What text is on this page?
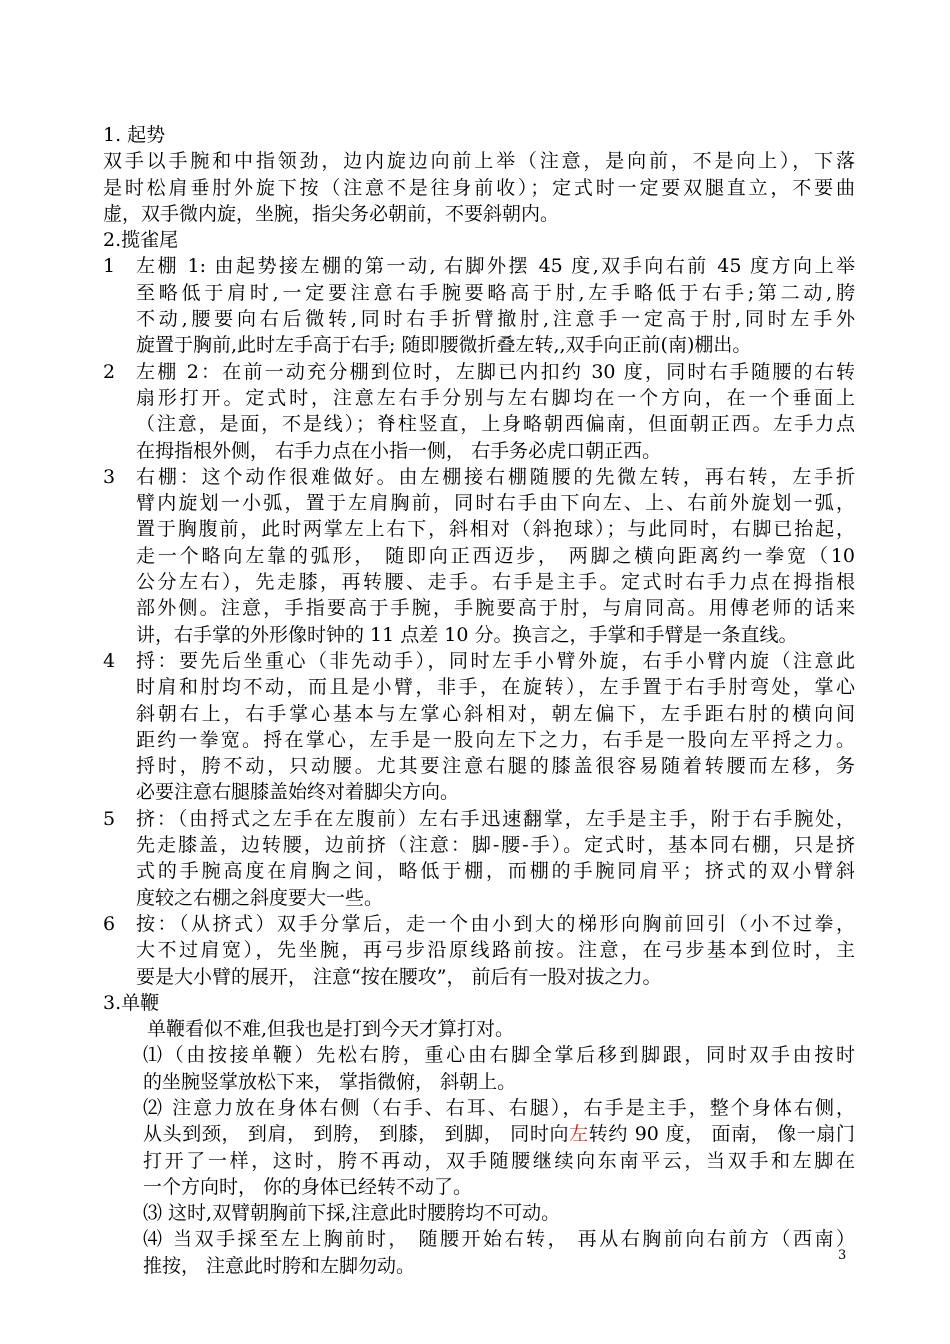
1. 起势

双手以手腕和中指领劲，边内旋边向前上举（注意，是向前，不是向上），下落

是时松肩垂肘外旋下按（注意不是往身前收）；定式时一定要双腿直立，不要曲

虚，双手微内旋，坐腕，指尖务必朝前，不要斜朝内。

2.揽雀尾

1 左棚 1: 由起势接左棚的第一动, 右脚外摆 45 度,双手向右前 45 度方向上举

至略低于肩时,一定要注意右手腕要略高于肘,左手略低于右手;第二动,胯

不动,腰要向右后微转,同时右手折臂撤肘,注意手一定高于肘,同时左手外

旋置于胸前,此时左手高于右手; 随即腰微折叠左转,,双手向正前(南)棚出。

2 左棚 2：在前一动充分棚到位时，左脚已内扣约 30 度，同时右手随腰的右转

扇形打开。定式时，注意左右手分别与左右脚均在一个方向，在一个垂面上

（注意，是面，不是线）；脊柱竖直，上身略朝西偏南，但面朝正西。左手力点

在拇指根外侧， 右手力点在小指一侧， 右手务必虎口朝正西。

3 右棚：这个动作很难做好。由左棚接右棚随腰的先微左转，再右转，左手折

臂内旋划一小弧，置于左肩胸前，同时右手由下向左、上、右前外旋划一弧，

置于胸腹前，此时两掌左上右下，斜相对（斜抱球）；与此同时，右脚已抬起，

走一个略向左靠的弧形， 随即向正西迈步， 两脚之横向距离约一拳宽（10

公分左右），先走膝，再转腰、走手。右手是主手。定式时右手力点在拇指根

部外侧。注意，手指要高于手腕，手腕要高于肘，与肩同高。用傅老师的话来

讲，右手掌的外形像时钟的 11 点差 10 分。换言之，手掌和手臂是一条直线。

4 捋：要先后坐重心（非先动手），同时左手小臂外旋，右手小臂内旋（注意此

时肩和肘均不动，而且是小臂，非手，在旋转），左手置于右手肘弯处，掌心

斜朝右上，右手掌心基本与左掌心斜相对，朝左偏下，左手距右肘的横向间

距约一拳宽。捋在掌心，左手是一股向左下之力，右手是一股向左平捋之力。

捋时，胯不动，只动腰。尤其要注意右腿的膝盖很容易随着转腰而左移，务

必要注意右腿膝盖始终对着脚尖方向。

5 挤：（由捋式之左手在左腹前）左右手迅速翻掌，左手是主手，附于右手腕处，

先走膝盖，边转腰，边前挤（注意：脚-腰-手）。定式时，基本同右棚，只是挤

式的手腕高度在肩胸之间，略低于棚，而棚的手腕同肩平；挤式的双小臂斜

度较之右棚之斜度要大一些。

6 按：（从挤式）双手分掌后，走一个由小到大的梯形向胸前回引（小不过拳，

大不过肩宽），先坐腕，再弓步沿原线路前按。注意，在弓步基本到位时，主

要是大小臂的展开， 注意“按在腰攻”， 前后有一股对拔之力。

3.单鞭

单鞭看似不难,但我也是打到今天才算打对。

⑴（由按接单鞭）先松右胯，重心由右脚全掌后移到脚跟，同时双手由按时

的坐腕竖掌放松下来， 掌指微俯， 斜朝上。

⑵ 注意力放在身体右侧（右手、右耳、右腿），右手是主手，整个身体右侧，

从头到颈， 到肩， 到胯， 到膝， 到脚， 同时向左转约 90 度， 面南， 像一扇门

打开了一样，这时，胯不再动，双手随腰继续向东南平云，当双手和左脚在

一个方向时， 你的身体已经转不动了。

⑶ 这时,双臂朝胸前下採,注意此时腰胯均不可动。

⑷ 当双手採至左上胸前时， 随腰开始右转， 再从右胸前向右前方（西南）

推按， 注意此时胯和左脚勿动。	3
